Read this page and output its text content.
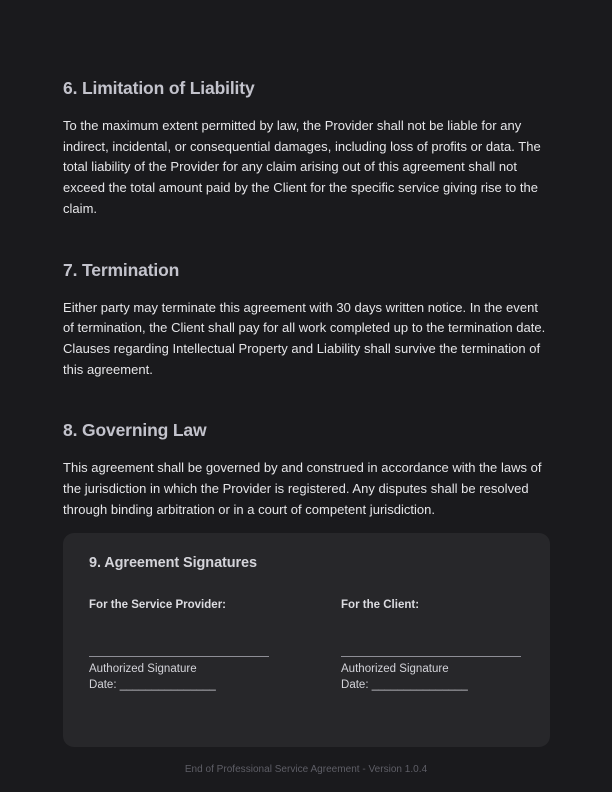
6. Limitation of Liability

To the maximum extent permitted by law, the Provider shall not be liable for any indirect, incidental, or consequential damages, including loss of profits or data. The total liability of the Provider for any claim arising out of this agreement shall not exceed the total amount paid by the Client for the specific service giving rise to the claim.

7. Termination

Either party may terminate this agreement with 30 days written notice. In the event of termination, the Client shall pay for all work completed up to the termination date. Clauses regarding Intellectual Property and Liability shall survive the termination of this agreement.

8. Governing Law

This agreement shall be governed by and construed in accordance with the laws of the jurisdiction in which the Provider is registered. Any disputes shall be resolved through binding arbitration or in a court of competent jurisdiction.

9. Agreement Signatures

For the Service Provider:

Authorized Signature

Date: _______________

For the Client:

Authorized Signature

Date: _______________

End of Professional Service Agreement - Version 1.0.4
